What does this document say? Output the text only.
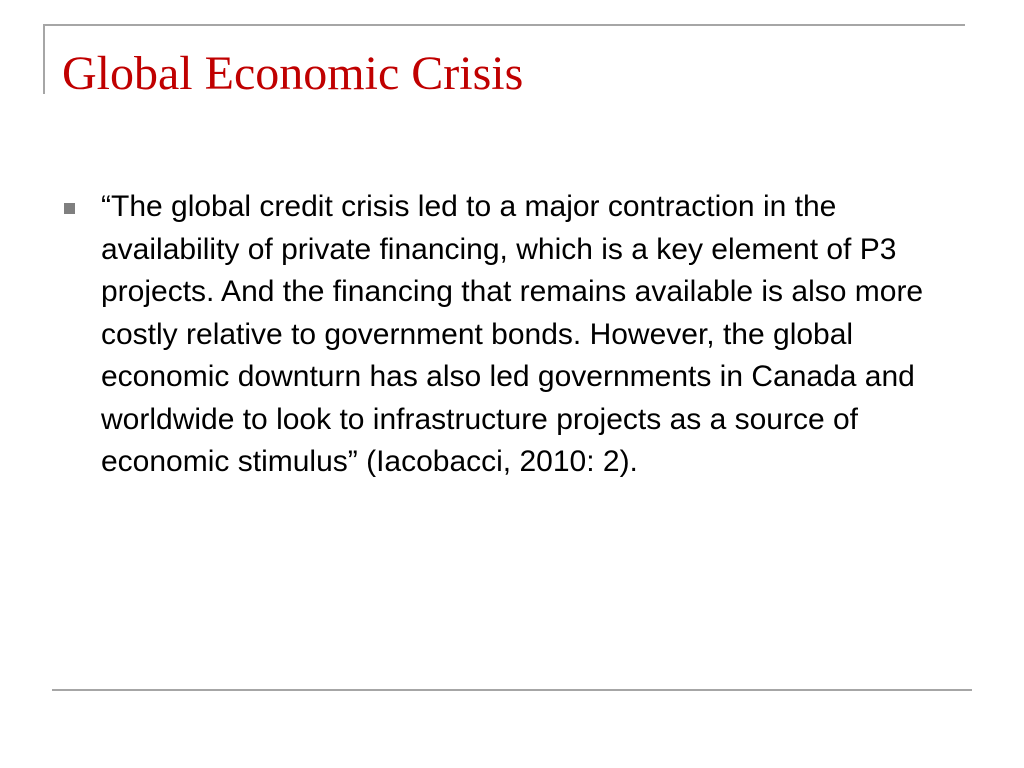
Global Economic Crisis

“The global credit crisis led to a major contraction in the availability of private financing, which is a key element of P3 projects. And the financing that remains available is also more costly relative to government bonds. However, the global economic downturn has also led governments in Canada and worldwide to look to infrastructure projects as a source of economic stimulus” (Iacobacci, 2010: 2).
